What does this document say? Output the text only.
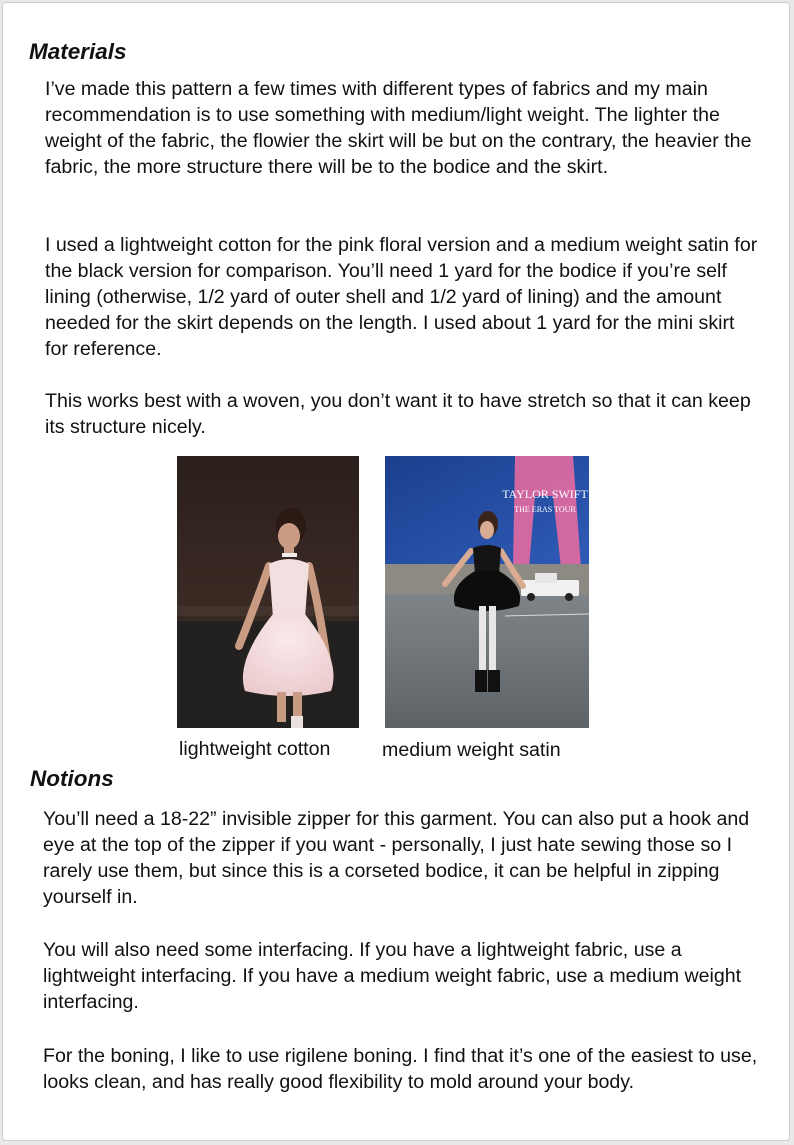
Materials

I’ve made this pattern a few times with different types of fabrics and my main recommendation is to use something with medium/light weight. The lighter the weight of the fabric, the flowier the skirt will be but on the contrary, the heavier the fabric, the more structure there will be to the bodice and the skirt.

I used a lightweight cotton for the pink floral version and a medium weight satin for the black version for comparison. You’ll need 1 yard for the bodice if you’re self lining (otherwise, 1/2 yard of outer shell and 1/2 yard of lining) and the amount needed for the skirt depends on the length. I used about 1 yard for the mini skirt for reference.

This works best with a woven, you don’t want it to have stretch so that it can keep its structure nicely.

TAYLOR SWIFT
THE ERAS TOUR
lightweight cotton	medium weight satin
Notions

You’ll need a 18-22” invisible zipper for this garment. You can also put a hook and eye at the top of the zipper if you want - personally, I just hate sewing those so I rarely use them, but since this is a corseted bodice, it can be helpful in zipping yourself in.

You will also need some interfacing. If you have a lightweight fabric, use a lightweight interfacing. If you have a medium weight fabric, use a medium weight interfacing.

For the boning, I like to use rigilene boning. I find that it’s one of the easiest to use, looks clean, and has really good flexibility to mold around your body.
